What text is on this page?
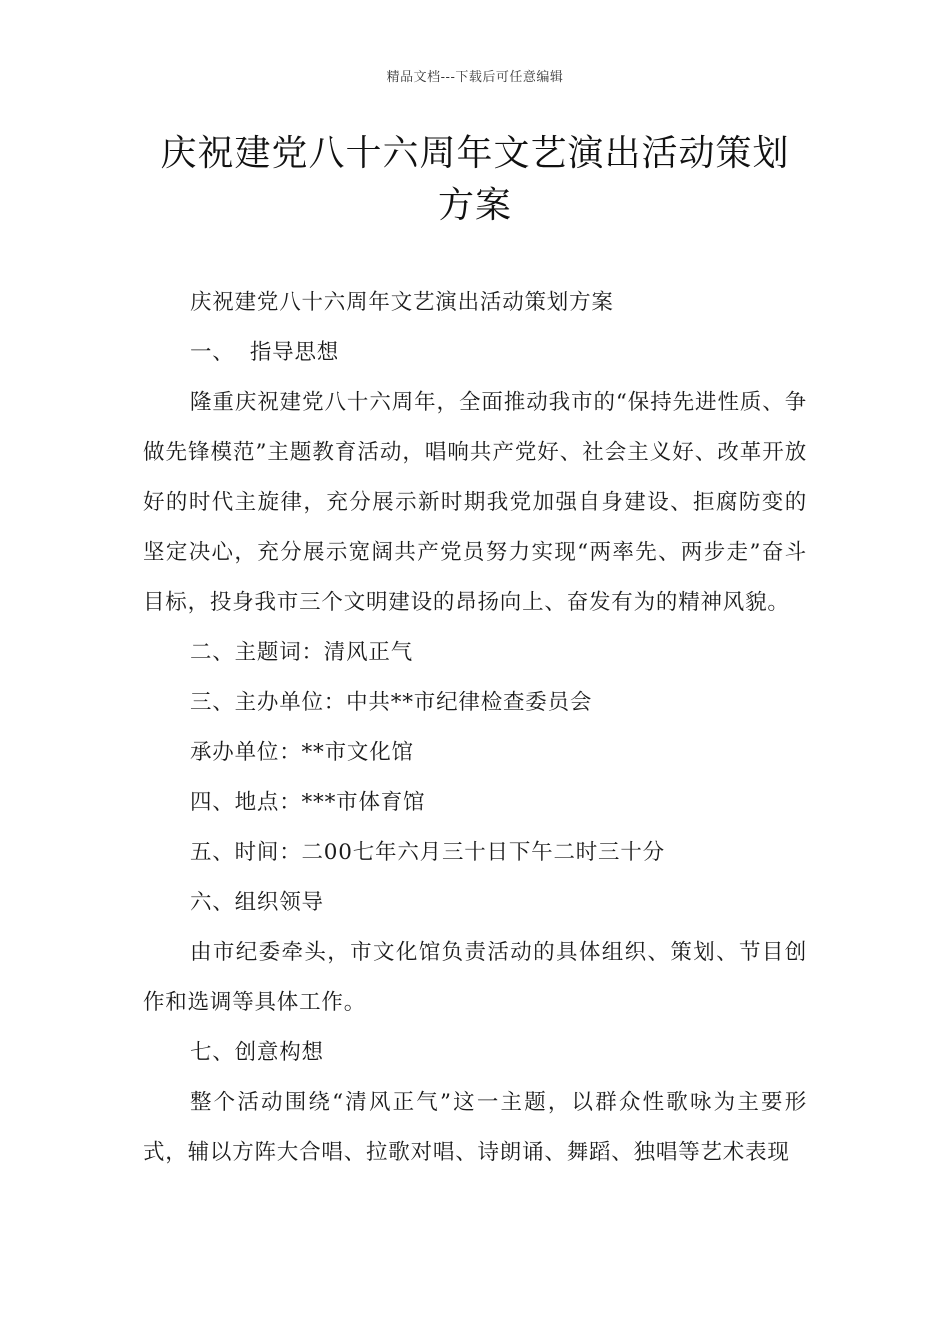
精品文档---下载后可任意编辑
庆祝建党八十六周年文艺演出活动策划
方案

庆祝建党八十六周年文艺演出活动策划方案

一、  指导思想

隆重庆祝建党八十六周年，全面推动我市的“保持先进性质、争做先锋模范”主题教育活动，唱响共产党好、社会主义好、改革开放好的时代主旋律，充分展示新时期我党加强自身建设、拒腐防变的坚定决心，充分展示宽阔共产党员努力实现“两率先、两步走”奋斗目标，投身我市三个文明建设的昂扬向上、奋发有为的精神风貌。

二、主题词：清风正气

三、主办单位：中共**市纪律检查委员会

承办单位：**市文化馆

四、地点：***市体育馆

五、时间：二00七年六月三十日下午二时三十分

六、组织领导

由市纪委牵头，市文化馆负责活动的具体组织、策划、节目创作和选调等具体工作。

七、创意构想

整个活动围绕“清风正气”这一主题，以群众性歌咏为主要形式，辅以方阵大合唱、拉歌对唱、诗朗诵、舞蹈、独唱等艺术表现
